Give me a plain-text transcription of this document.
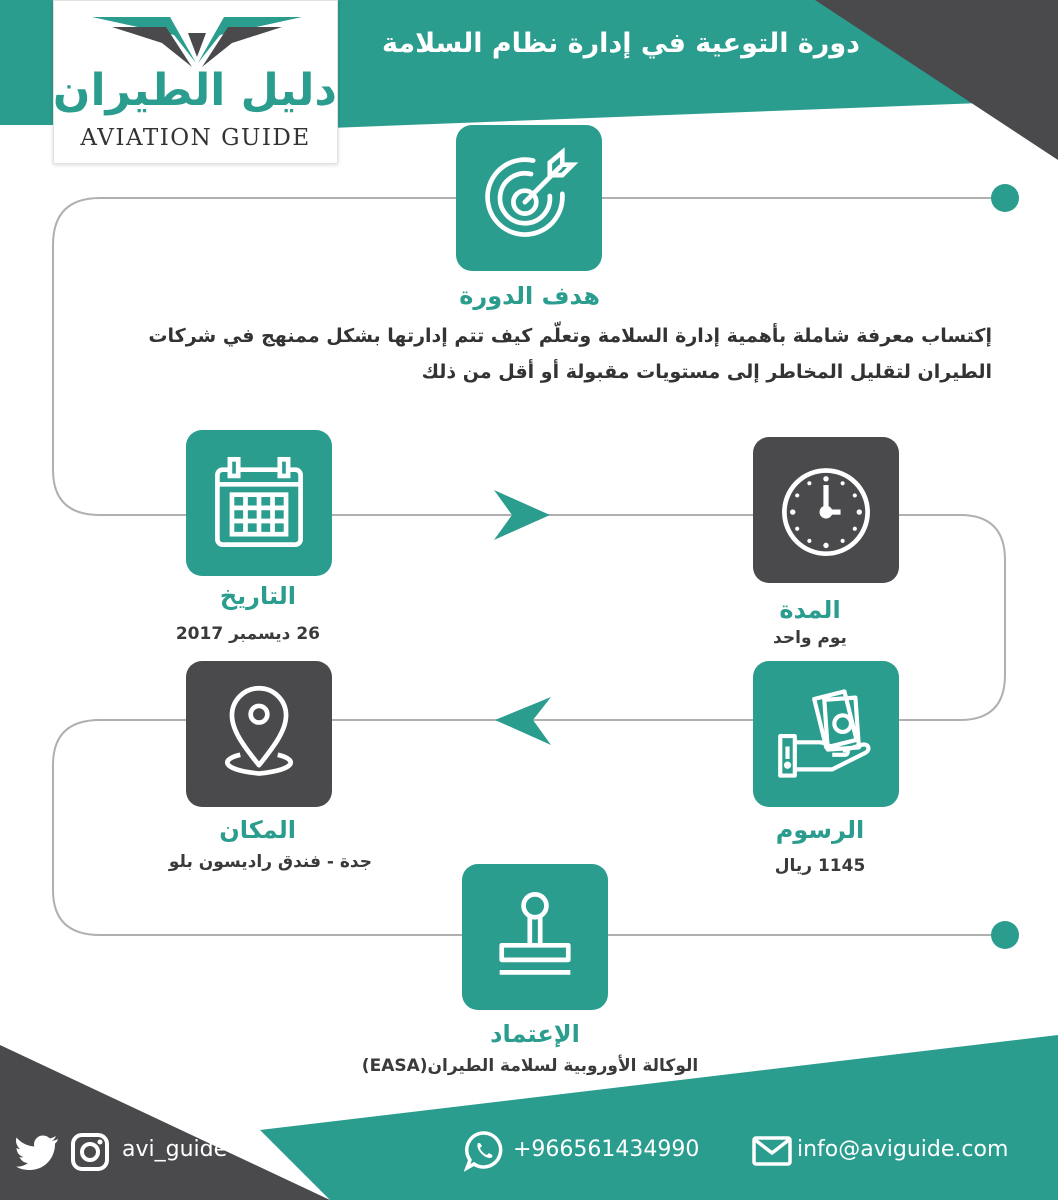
دورة التوعية في إدارة نظام السلامة
دليل الطيران
AVIATION GUIDE
هدف الدورة
إكتساب معرفة شاملة بأهمية إدارة السلامة وتعلّم كيف تتم إدارتها بشكل ممنهج في شركات الطيران لتقليل المخاطر إلى مستويات مقبولة أو أقل من ذلك
التاريخ
26 ديسمبر 2017
المدة
يوم واحد
المكان
جدة - فندق راديسون بلو
الرسوم
1145 ريال
الإعتماد
الوكالة الأوروبية لسلامة الطيران(EASA)
avi_guide	+966561434990	info@aviguide.com
